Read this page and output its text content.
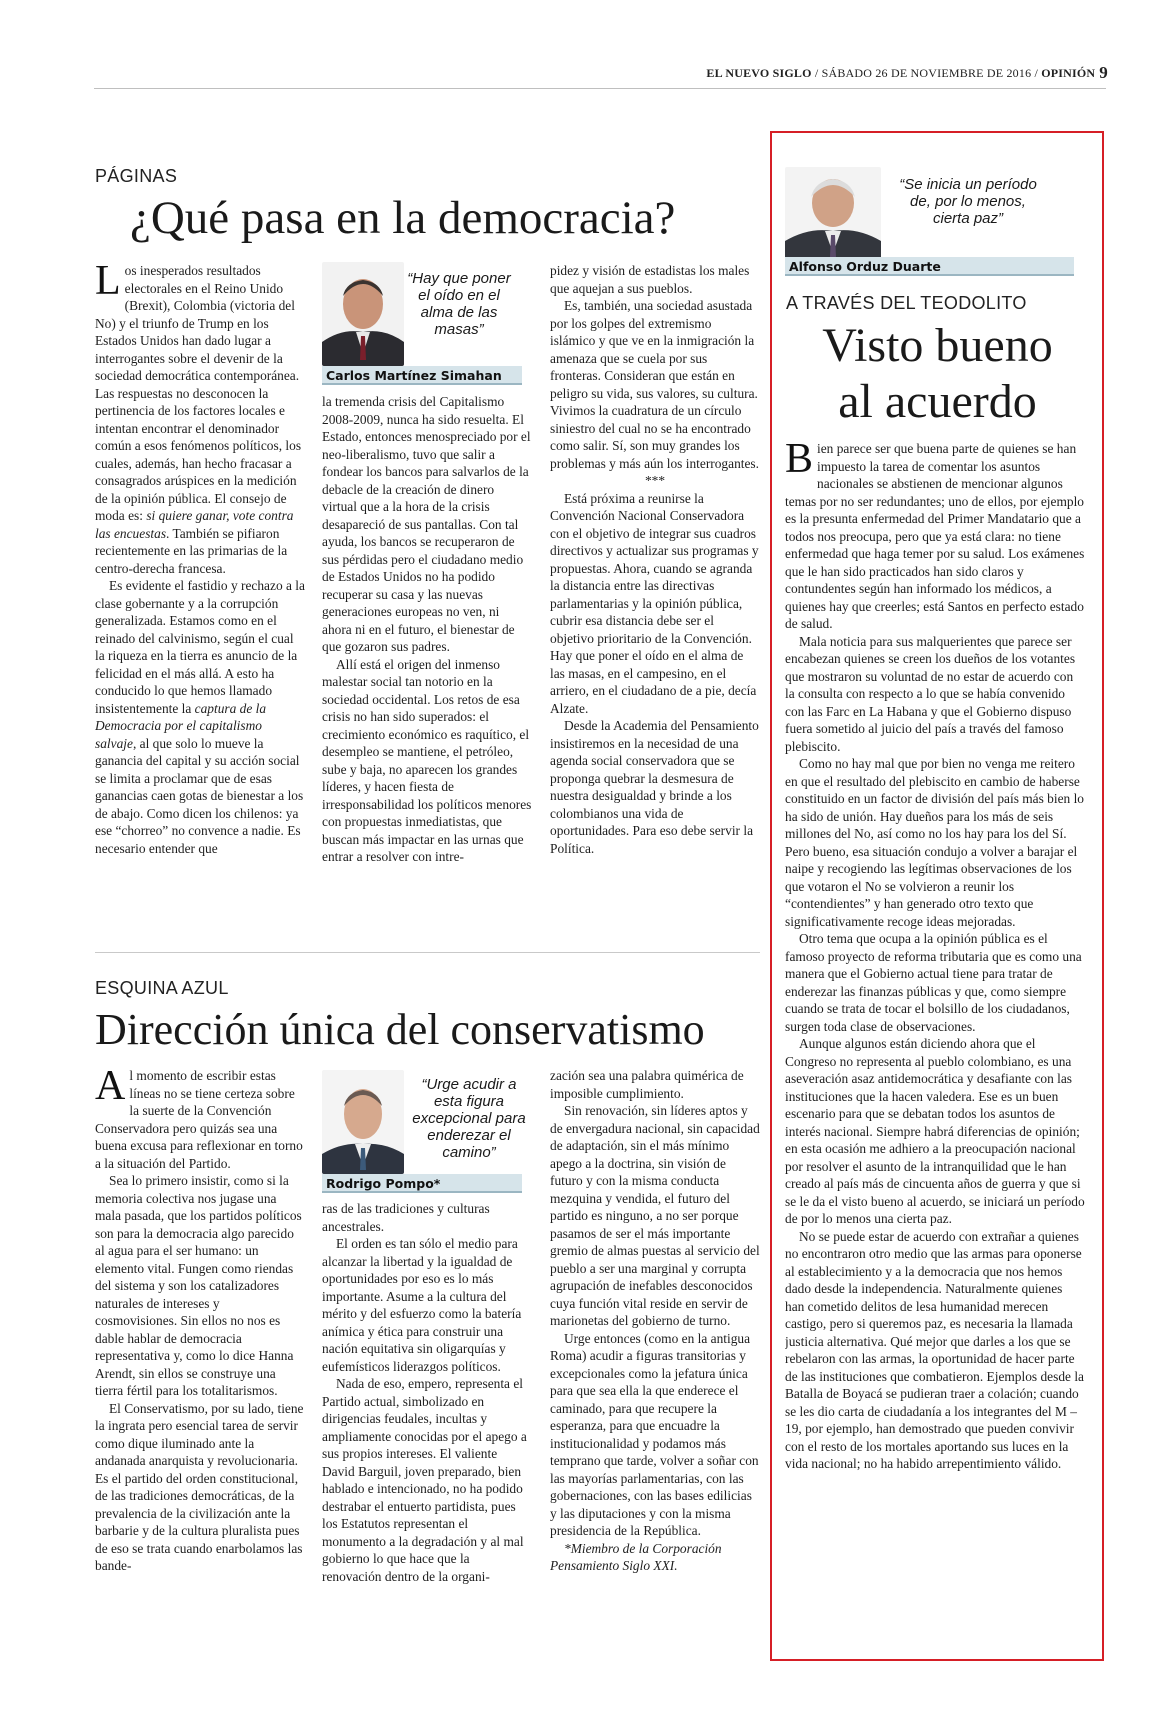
EL NUEVO SIGLO / SÁBADO 26 DE NOVIEMBRE DE 2016 / OPINIÓN 9
PÁGINAS
¿Qué pasa en la democracia?

Los inesperados resultados electorales en el Reino Unido (Brexit), Colombia (victoria del No) y el triunfo de Trump en los Estados Unidos han dado lugar a interrogantes sobre el devenir de la sociedad democrática contemporánea. Las respuestas no desconocen la pertinencia de los factores locales e intentan encontrar el denominador común a esos fenómenos políticos, los cuales, además, han hecho fracasar a consagrados arúspices en la medición de la opinión pública. El consejo de moda es: si quiere ganar, vote contra las encuestas. También se pifiaron recientemente en las primarias de la centro-derecha francesa.

Es evidente el fastidio y rechazo a la clase gobernante y a la corrupción generalizada. Estamos como en el reinado del calvinismo, según el cual la riqueza en la tierra es anuncio de la felicidad en el más allá. A esto ha conducido lo que hemos llamado insistentemente la captura de la Democracia por el capitalismo salvaje, al que solo lo mueve la ganancia del capital y su acción social se limita a proclamar que de esas ganancias caen gotas de bienestar a los de abajo. Como dicen los chilenos: ya ese “chorreo” no convence a nadie. Es necesario entender que

“Hay que poner el oído en el alma de las masas”
Carlos Martínez Simahan

la tremenda crisis del Capitalismo 2008-2009, nunca ha sido resuelta. El Estado, entonces menospreciado por el neo-liberalismo, tuvo que salir a fondear los bancos para salvarlos de la debacle de la creación de dinero virtual que a la hora de la crisis desapareció de sus pantallas. Con tal ayuda, los bancos se recuperaron de sus pérdidas pero el ciudadano medio de Estados Unidos no ha podido recuperar su casa y las nuevas generaciones europeas no ven, ni ahora ni en el futuro, el bienestar de que gozaron sus padres.

Allí está el origen del inmenso malestar social tan notorio en la sociedad occidental. Los retos de esa crisis no han sido superados: el crecimiento económico es raquítico, el desempleo se mantiene, el petróleo, sube y baja, no aparecen los grandes líderes, y hacen fiesta de irresponsabilidad los políticos menores con propuestas inmediatistas, que buscan más impactar en las urnas que entrar a resolver con intre-

pidez y visión de estadistas los males que aquejan a sus pueblos.

Es, también, una sociedad asustada por los golpes del extremismo islámico y que ve en la inmigración la amenaza que se cuela por sus fronteras. Consideran que están en peligro su vida, sus valores, su cultura. Vivimos la cuadratura de un círculo siniestro del cual no se ha encontrado como salir. Sí, son muy grandes los problemas y más aún los interrogantes.

***

Está próxima a reunirse la Convención Nacional Conservadora con el objetivo de integrar sus cuadros directivos y actualizar sus programas y propuestas. Ahora, cuando se agranda la distancia entre las directivas parlamentarias y la opinión pública, cubrir esa distancia debe ser el objetivo prioritario de la Convención. Hay que poner el oído en el alma de las masas, en el campesino, en el arriero, en el ciudadano de a pie, decía Alzate.

Desde la Academia del Pensamiento insistiremos en la necesidad de una agenda social conservadora que se proponga quebrar la desmesura de nuestra desigualdad y brinde a los colombianos una vida de oportunidades. Para eso debe servir la Política.

ESQUINA AZUL
Dirección única del conservatismo

Al momento de escribir estas líneas no se tiene certeza sobre la suerte de la Convención Conservadora pero quizás sea una buena excusa para reflexionar en torno a la situación del Partido.

Sea lo primero insistir, como si la memoria colectiva nos jugase una mala pasada, que los partidos políticos son para la democracia algo parecido al agua para el ser humano: un elemento vital. Fungen como riendas del sistema y son los catalizadores naturales de intereses y cosmovisiones. Sin ellos no nos es dable hablar de democracia representativa y, como lo dice Hanna Arendt, sin ellos se construye una tierra fértil para los totalitarismos.

El Conservatismo, por su lado, tiene la ingrata pero esencial tarea de servir como dique iluminado ante la andanada anarquista y revolucionaria. Es el partido del orden constitucional, de las tradiciones democráticas, de la prevalencia de la civilización ante la barbarie y de la cultura pluralista pues de eso se trata cuando enarbolamos las bande-

“Urge acudir a esta figura excepcional para enderezar el camino”
Rodrigo Pompo*

ras de las tradiciones y culturas ancestrales.

El orden es tan sólo el medio para alcanzar la libertad y la igualdad de oportunidades por eso es lo más importante. Asume a la cultura del mérito y del esfuerzo como la batería anímica y ética para construir una nación equitativa sin oligarquías y eufemísticos liderazgos políticos.

Nada de eso, empero, representa el Partido actual, simbolizado en dirigencias feudales, incultas y ampliamente conocidas por el apego a sus propios intereses. El valiente David Barguil, joven preparado, bien hablado e intencionado, no ha podido destrabar el entuerto partidista, pues los Estatutos representan el monumento a la degradación y al mal gobierno lo que hace que la renovación dentro de la organi-

zación sea una palabra quimérica de imposible cumplimiento.

Sin renovación, sin líderes aptos y de envergadura nacional, sin capacidad de adaptación, sin el más mínimo apego a la doctrina, sin visión de futuro y con la misma conducta mezquina y vendida, el futuro del partido es ninguno, a no ser porque pasamos de ser el más importante gremio de almas puestas al servicio del pueblo a ser una marginal y corrupta agrupación de inefables desconocidos cuya función vital reside en servir de marionetas del gobierno de turno.

Urge entonces (como en la antigua Roma) acudir a figuras transitorias y excepcionales como la jefatura única para que sea ella la que enderece el caminado, para que recupere la esperanza, para que encuadre la institucionalidad y podamos más temprano que tarde, volver a soñar con las mayorías parlamentarias, con las gobernaciones, con las bases edilicias y las diputaciones y con la misma presidencia de la República.

*Miembro de la Corporación Pensamiento Siglo XXI.

“Se inicia un período de, por lo menos, cierta paz”
Alfonso Orduz Duarte
A TRAVÉS DEL TEODOLITO
Visto bueno
al acuerdo

Bien parece ser que buena parte de quienes se han impuesto la tarea de comentar los asuntos nacionales se abstienen de mencionar algunos temas por no ser redundantes; uno de ellos, por ejemplo es la presunta enfermedad del Primer Mandatario que a todos nos preocupa, pero que ya está clara: no tiene enfermedad que haga temer por su salud. Los exámenes que le han sido practicados han sido claros y contundentes según han informado los médicos, a quienes hay que creerles; está Santos en perfecto estado de salud.

Mala noticia para sus malquerientes que parece ser encabezan quienes se creen los dueños de los votantes que mostraron su voluntad de no estar de acuerdo con la consulta con respecto a lo que se había convenido con las Farc en La Habana y que el Gobierno dispuso fuera sometido al juicio del país a través del famoso plebiscito.

Como no hay mal que por bien no venga me reitero en que el resultado del plebiscito en cambio de haberse constituido en un factor de división del país más bien lo ha sido de unión. Hay dueños para los más de seis millones del No, así como no los hay para los del Sí. Pero bueno, esa situación condujo a volver a barajar el naipe y recogiendo las legítimas observaciones de los que votaron el No se volvieron a reunir los “contendientes” y han generado otro texto que significativamente recoge ideas mejoradas.

Otro tema que ocupa a la opinión pública es el famoso proyecto de reforma tributaria que es como una manera que el Gobierno actual tiene para tratar de enderezar las finanzas públicas y que, como siempre cuando se trata de tocar el bolsillo de los ciudadanos, surgen toda clase de observaciones.

Aunque algunos están diciendo ahora que el Congreso no representa al pueblo colombiano, es una aseveración asaz antidemocrática y desafiante con las instituciones que la hacen valedera. Ese es un buen escenario para que se debatan todos los asuntos de interés nacional. Siempre habrá diferencias de opinión; en esta ocasión me adhiero a la preocupación nacional por resolver el asunto de la intranquilidad que le han creado al país más de cincuenta años de guerra y que si se le da el visto bueno al acuerdo, se iniciará un período de por lo menos una cierta paz.

No se puede estar de acuerdo con extrañar a quienes no encontraron otro medio que las armas para oponerse al establecimiento y a la democracia que nos hemos dado desde la independencia. Naturalmente quienes han cometido delitos de lesa humanidad merecen castigo, pero si queremos paz, es necesaria la llamada justicia alternativa. Qué mejor que darles a los que se rebelaron con las armas, la oportunidad de hacer parte de las instituciones que combatieron. Ejemplos desde la Batalla de Boyacá se pudieran traer a colación; cuando se les dio carta de ciudadanía a los integrantes del M –19, por ejemplo, han demostrado que pueden convivir con el resto de los mortales aportando sus luces en la vida nacional; no ha habido arrepentimiento válido.
